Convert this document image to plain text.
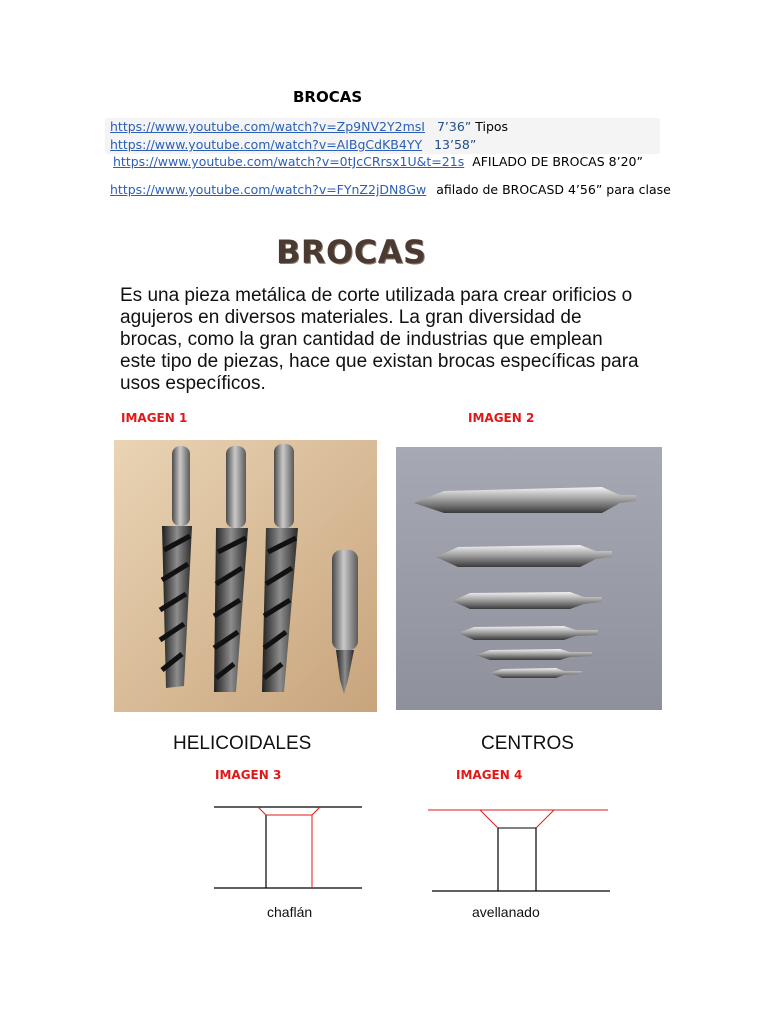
BROCAS
https://www.youtube.com/watch?v=Zp9NV2Y2msI 7’36” Tipos
https://www.youtube.com/watch?v=AIBgCdKB4YY 13’58”
https://www.youtube.com/watch?v=0tJcCRrsx1U&t=21s AFILADO DE BROCAS 8’20”
https://www.youtube.com/watch?v=FYnZ2jDN8Gw afilado de BROCASD 4’56” para clase
BROCAS
Es una pieza metálica de corte utilizada para crear orificios o agujeros en diversos materiales. La gran diversidad de brocas, como la gran cantidad de industrias que emplean este tipo de piezas, hace que existan brocas específicas para usos específicos.
IMAGEN 1	IMAGEN 2
HELICOIDALES	CENTROS
IMAGEN 3	IMAGEN 4
chaflán	avellanado
